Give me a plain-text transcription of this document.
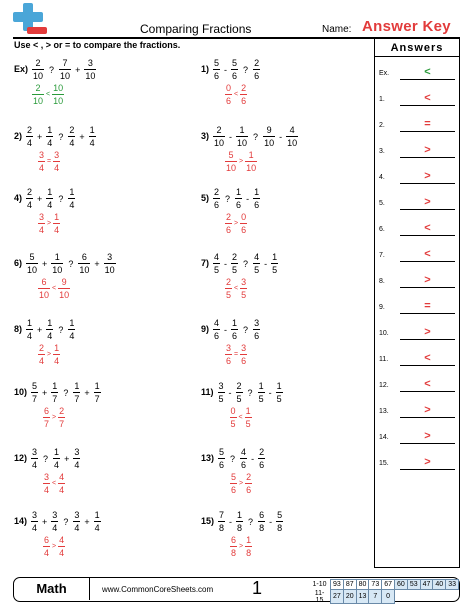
Comparing Fractions	Name: Answer Key
Use < , > or = to compare the fractions.	Answers
Ex.	<
1.	<
2.	=
3.	>
4.	>
5.	>
6.	<
7.	<
8.	>
9.	=
10.	>
11.	<
12.	<
13.	>
14.	>
15.	>
$Ex) \frac{2}{10}$ ? $\frac{7}{10} + \frac{3}{10}$
$\frac{2}{10} < \frac{10}{10}$
$1) \frac{5}{6} - \frac{5}{6}$ ? $\frac{2}{6}$
$\frac{0}{6} < \frac{2}{6}$
$2) \frac{2}{4} + \frac{1}{4}$ ? $\frac{2}{4} + \frac{1}{4}$
$\frac{3}{4} = \frac{3}{4}$
$3) \frac{2}{10} - \frac{1}{10}$ ? $\frac{9}{10} - \frac{4}{10}$
$\frac{5}{10} > \frac{1}{10}$
$4) \frac{2}{4} + \frac{1}{4}$ ? $\frac{1}{4}$
$\frac{3}{4} > \frac{1}{4}$
$5) \frac{2}{6}$ ? $\frac{1}{6} - \frac{1}{6}$
$\frac{2}{6} > \frac{0}{6}$
$6) \frac{5}{10} + \frac{1}{10}$ ? $\frac{6}{10} + \frac{3}{10}$
$\frac{6}{10} < \frac{9}{10}$
$7) \frac{4}{5} - \frac{2}{5}$ ? $\frac{4}{5} - \frac{1}{5}$
$\frac{2}{5} < \frac{3}{5}$
$8) \frac{1}{4} + \frac{1}{4}$ ? $\frac{1}{4}$
$\frac{2}{4} > \frac{1}{4}$
$9) \frac{4}{6} - \frac{1}{6}$ ? $\frac{3}{6}$
$\frac{3}{6} = \frac{3}{6}$
$10) \frac{5}{7} + \frac{1}{7}$ ? $\frac{1}{7} + \frac{1}{7}$
$\frac{6}{7} > \frac{2}{7}$
$11) \frac{3}{5} - \frac{2}{5}$ ? $\frac{1}{5} - \frac{1}{5}$
$\frac{0}{5} < \frac{1}{5}$
$12) \frac{3}{4}$ ? $\frac{1}{4} + \frac{3}{4}$
$\frac{3}{4} < \frac{4}{4}$
$13) \frac{5}{6}$ ? $\frac{4}{6} - \frac{2}{6}$
$\frac{5}{6} > \frac{2}{6}$
$14) \frac{3}{4} + \frac{3}{4}$ ? $\frac{3}{4} + \frac{1}{4}$
$\frac{6}{4} > \frac{4}{4}$
$15) \frac{7}{8} - \frac{1}{8}$ ? $\frac{6}{8} - \frac{5}{8}$
$\frac{6}{8} > \frac{1}{8}$
Math	www.CommonCoreSheets.com 1	1-10	93	87	80	73	67	60	53	47	40	33
11-15	27	20	13	7	0					
